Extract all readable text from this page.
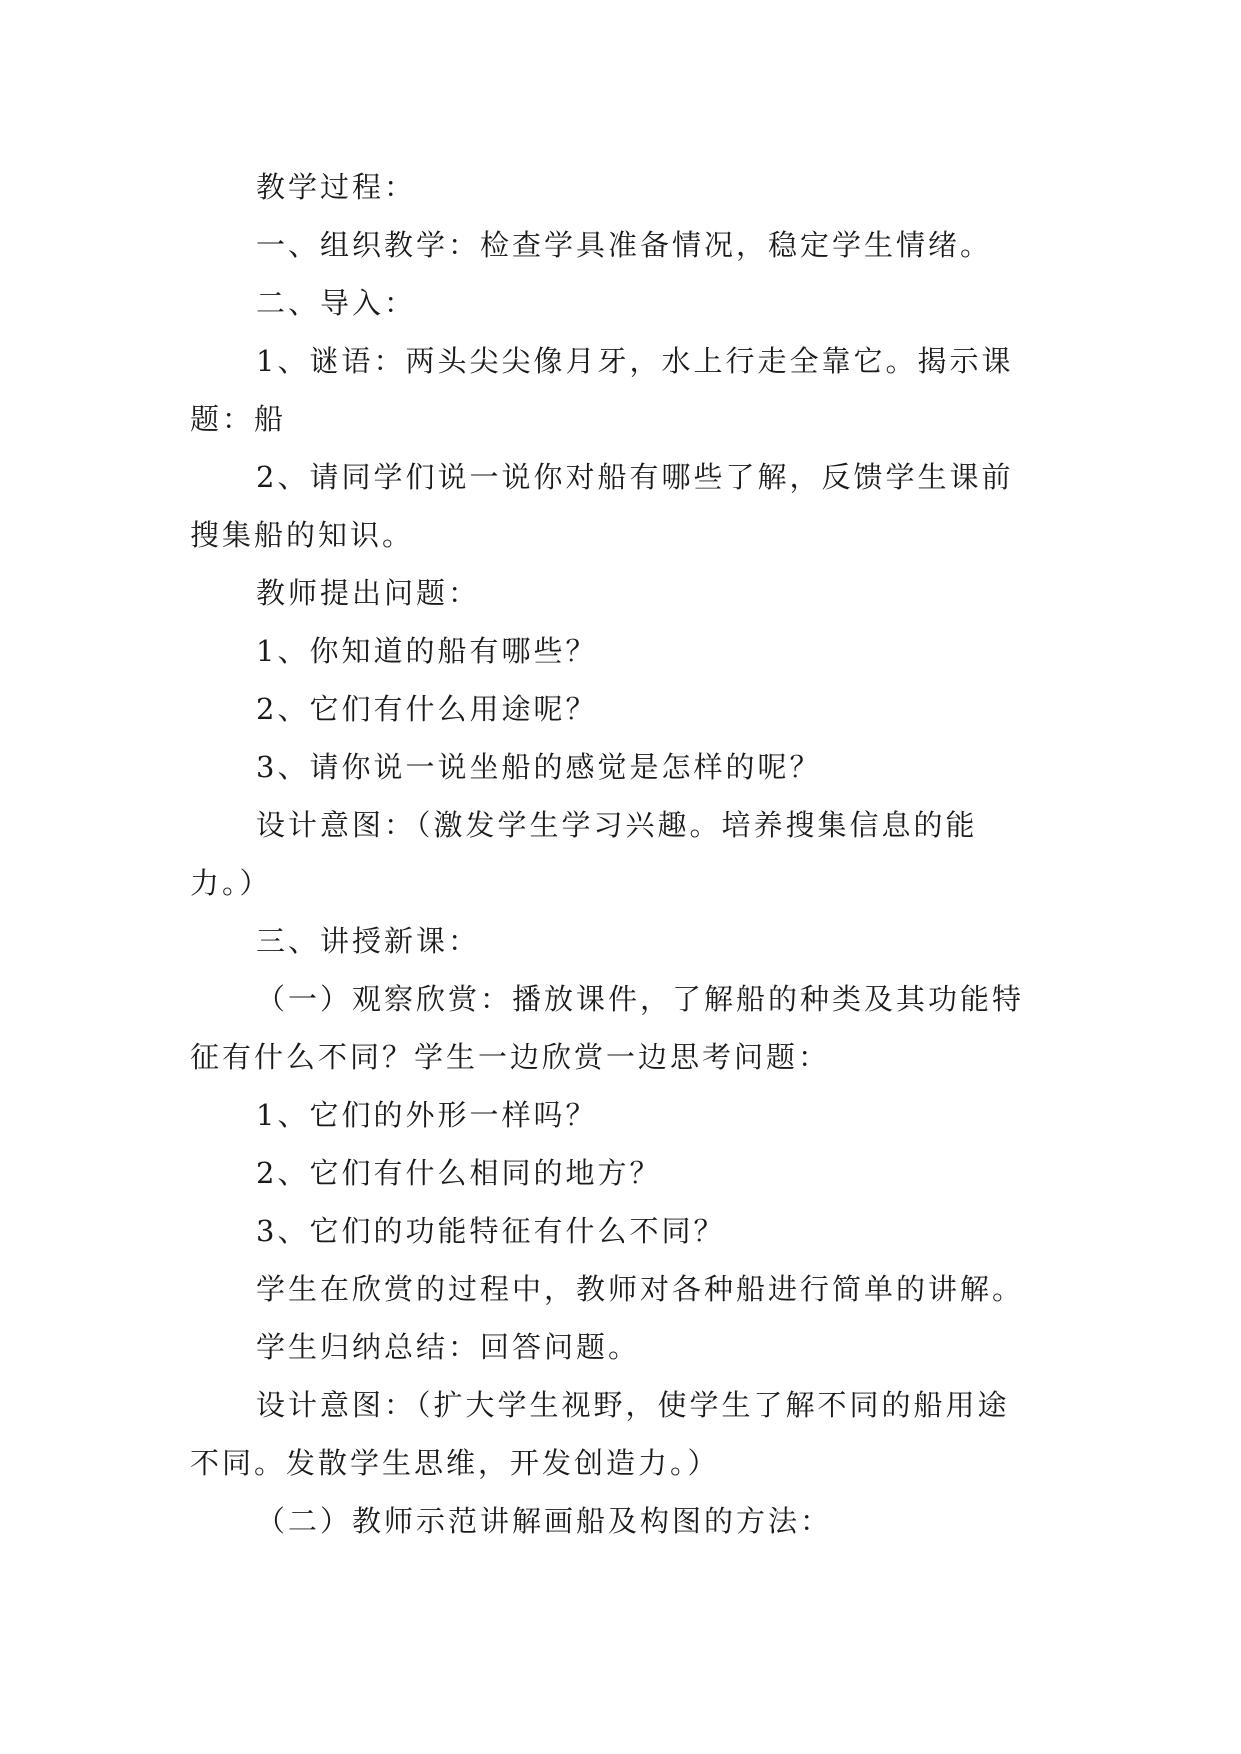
教学过程：

一、组织教学：检查学具准备情况，稳定学生情绪。

二、导入：

1、谜语：两头尖尖像月牙，水上行走全靠它。揭示课

题：船

2、请同学们说一说你对船有哪些了解，反馈学生课前

搜集船的知识。

教师提出问题：

1、你知道的船有哪些？

2、它们有什么用途呢？

3、请你说一说坐船的感觉是怎样的呢？

设计意图：（激发学生学习兴趣。培养搜集信息的能

力。）

三、讲授新课：

（一）观察欣赏：播放课件，了解船的种类及其功能特

征有什么不同？学生一边欣赏一边思考问题：

1、它们的外形一样吗？

2、它们有什么相同的地方？

3、它们的功能特征有什么不同？

学生在欣赏的过程中，教师对各种船进行简单的讲解。

学生归纳总结：回答问题。

设计意图：（扩大学生视野，使学生了解不同的船用途

不同。发散学生思维，开发创造力。）

（二）教师示范讲解画船及构图的方法：
